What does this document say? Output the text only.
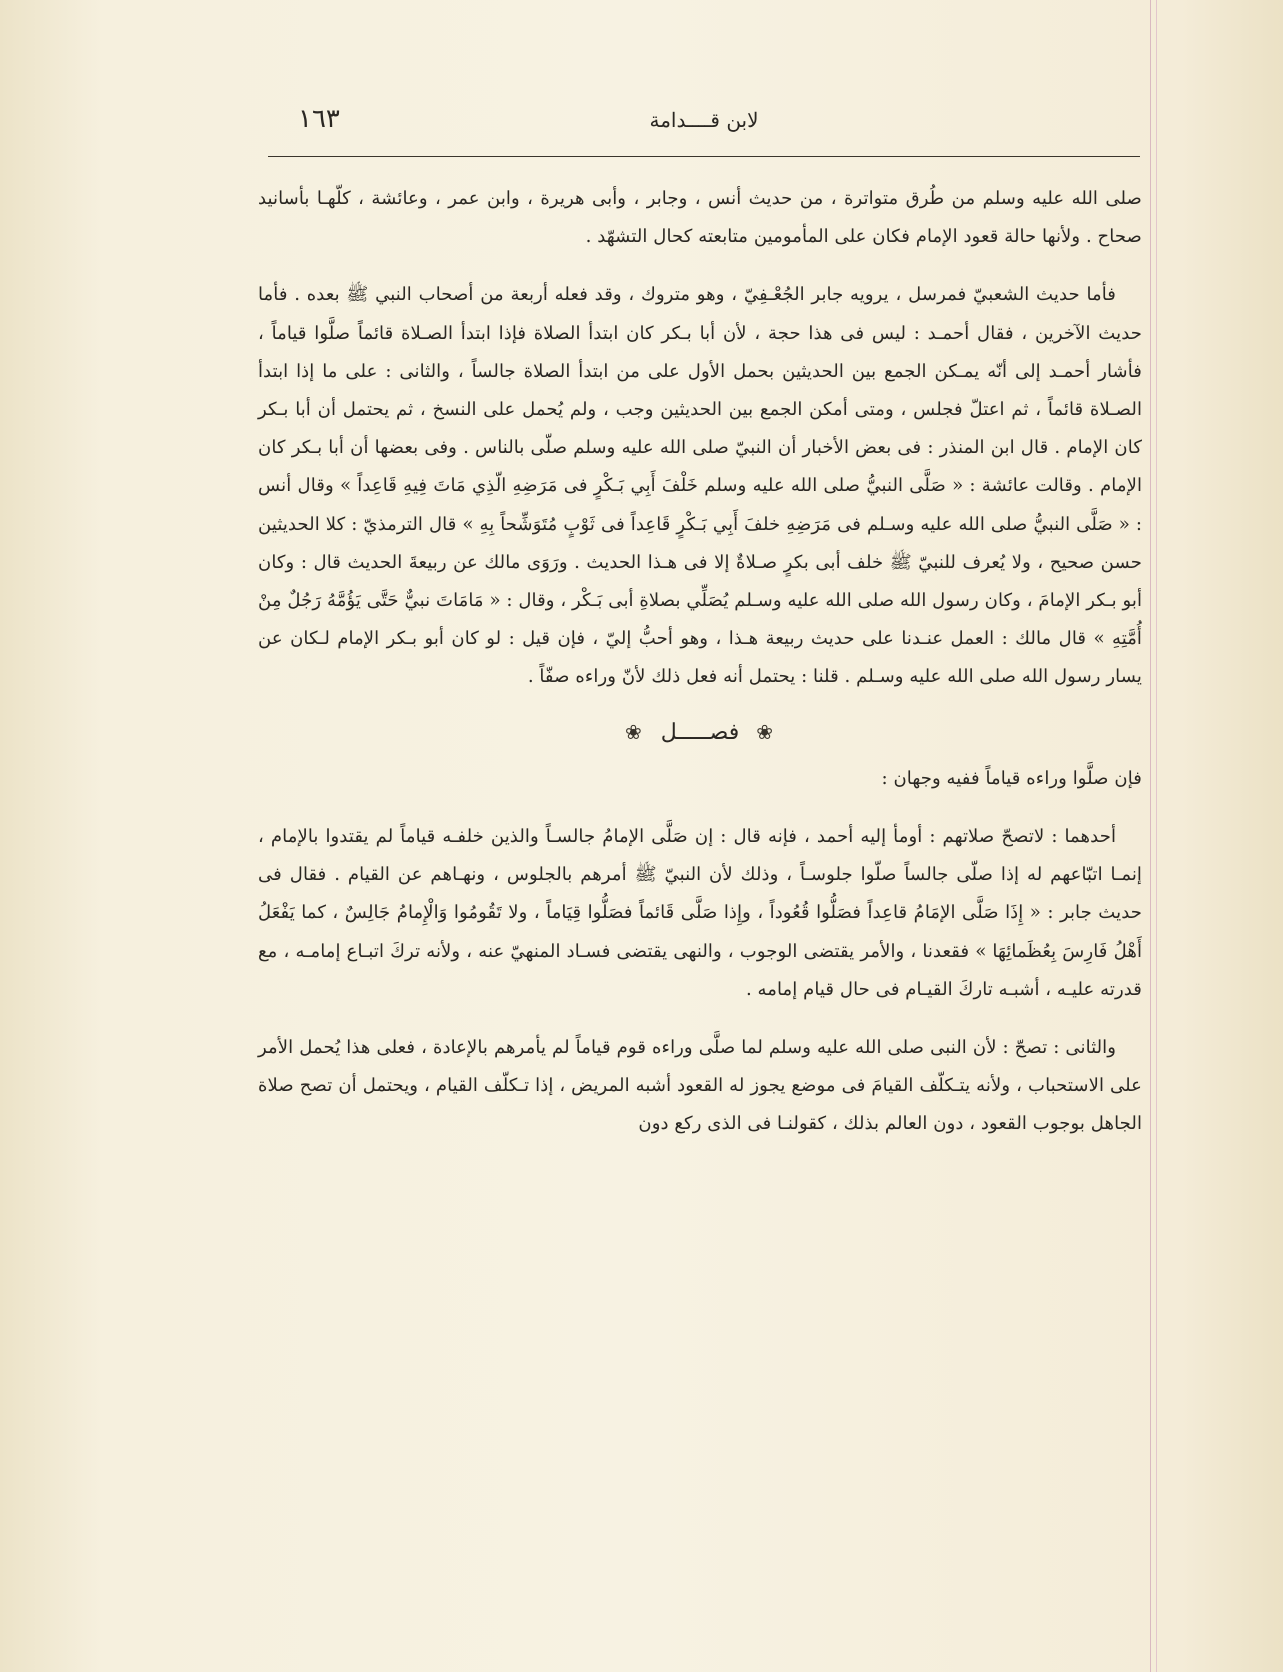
١٦٣	لابن قــــدامة

صلى الله عليه وسلم من طُرق متواترة ، من حديث أنس ، وجابر ، وأبى هريرة ، وابن عمر ، وعائشة ، كلّهـا بأسانيد صحاح . ولأنها حالة قعود الإمام فكان على المأمومين متابعته كحال التشهّد .

فأما حديث الشعبيّ فمرسل ، يرويه جابر الجُعْـفِيّ ، وهو متروك ، وقد فعله أربعة من أصحاب النبي ﷺ بعده . فأما حديث الآخرين ، فقال أحمـد : ليس فى هذا حجة ، لأن أبا بـكر كان ابتدأ الصلاة فإذا ابتدأ الصـلاة قائماً صلَّوا قياماً ، فأشار أحمـد إلى أنّه يمـكن الجمع بين الحديثين بحمل الأول على من ابتدأ الصلاة جالساً ، والثانى : على ما إذا ابتدأ الصـلاة قائماً ، ثم اعتلّ فجلس ، ومتى أمكن الجمع بين الحديثين وجب ، ولم يُحمل على النسخ ، ثم يحتمل أن أبا بـكر كان الإمام . قال ابن المنذر : فى بعض الأخبار أن النبيّ صلى الله عليه وسلم صلّى بالناس . وفى بعضها أن أبا بـكر كان الإمام . وقالت عائشة : « صَلَّى النبيُّ صلى الله عليه وسلم خَلْفَ أَبِي بَـكْرٍ فى مَرَضِهِ الّذِي مَاتَ فِيهِ قَاعِداً » وقال أنس : « صَلَّى النبيُّ صلى الله عليه وسـلم فى مَرَضِهِ خلفَ أَبِي بَـكْرٍ قَاعِداً فى ثَوْبٍ مُتَوَشِّحاً بِهِ » قال الترمذيّ : كلا الحديثين حسن صحيح ، ولا يُعرف للنبيّ ﷺ خلف أبى بكرٍ صـلاةٌ إلا فى هـذا الحديث . ورَوَى مالك عن ربيعةَ الحديث قال : وكان أبو بـكر الإمامَ ، وكان رسول الله صلى الله عليه وسـلم يُصَلِّي بصلاةِ أبى بَـكْر ، وقال : « مَامَاتَ نبيٌّ حَتَّى يَؤُمَّهُ رَجُلٌ مِنْ أُمَّتِهِ » قال مالك : العمل عنـدنا على حديث ربيعة هـذا ، وهو أحبُّ إليّ ، فإن قيل : لو كان أبو بـكر الإمام لـكان عن يسار رسول الله صلى الله عليه وسـلم . قلنا : يحتمل أنه فعل ذلك لأنّ وراءه صفّاً .

❀ فصـــــل ❀

فإن صلَّوا وراءه قياماً ففيه وجهان :

أحدهما : لاتصحّ صلاتهم : أومأ إليه أحمد ، فإنه قال : إن صَلَّى الإمامُ جالسـاً والذين خلفـه قياماً لم يقتدوا بالإمام ، إنمـا اتبّاعهم له إذا صلّى جالساً صلّوا جلوسـاً ، وذلك لأن النبيّ ﷺ أمرهم بالجلوس ، ونهـاهم عن القيام . فقال فى حديث جابر : « إِذَا صَلَّى الإمَامُ قاعِداً فصَلُّوا قُعُوداً ، وإِذا صَلَّى قَائماً فصَلُّوا قِيَاماً ، ولا تَقُومُوا وَالْإِمامُ جَالِسٌ ، كما يَفْعَلُ أَهْلُ فَارِسَ بِعُظَمائِهَا » فقعدنا ، والأمر يقتضى الوجوب ، والنهى يقتضى فسـاد المنهيّ عنه ، ولأنه تركَ اتبـاع إمامـه ، مع قدرته عليـه ، أشبـه تاركَ القيـام فى حال قيام إمامه .

والثانى : تصحّ : لأن النبى صلى الله عليه وسلم لما صلَّى وراءه قوم قياماً لم يأمرهم بالإعادة ، فعلى هذا يُحمل الأمر على الاستحباب ، ولأنه يتـكلّف القيامَ فى موضع يجوز له القعود أشبه المريض ، إذا تـكلّف القيام ، ويحتمل أن تصح صلاة الجاهل بوجوب القعود ، دون العالم بذلك ، كقولنـا فى الذى ركع دون
